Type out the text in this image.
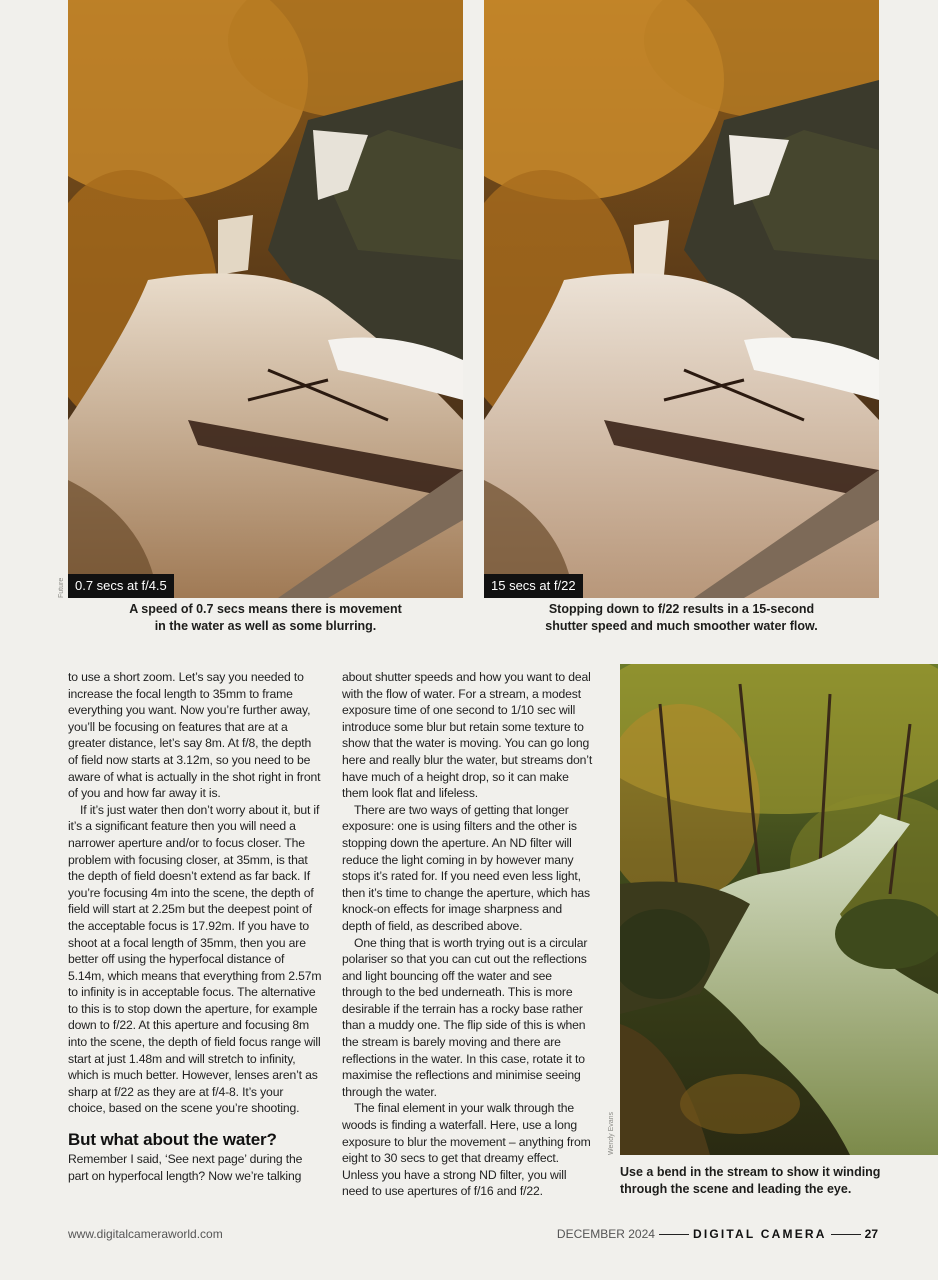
0.7 secs at f/4.5
Future	15 secs at f/22
A speed of 0.7 secs means there is movement
in the water as well as some blurring.
Stopping down to f/22 results in a 15-second
shutter speed and much smoother water flow.

to use a short zoom. Let’s say you needed to increase the focal length to 35mm to frame everything you want. Now you’re further away, you’ll be focusing on features that are at a greater distance, let’s say 8m. At f/8, the depth of field now starts at 3.12m, so you need to be aware of what is actually in the shot right in front of you and how far away it is.

If it’s just water then don’t worry about it, but if it’s a significant feature then you will need a narrower aperture and/or to focus closer. The problem with focusing closer, at 35mm, is that the depth of field doesn’t extend as far back. If you’re focusing 4m into the scene, the depth of field will start at 2.25m but the deepest point of the acceptable focus is 17.92m. If you have to shoot at a focal length of 35mm, then you are better off using the hyperfocal distance of 5.14m, which means that everything from 2.57m to infinity is in acceptable focus. The alternative to this is to stop down the aperture, for example down to f/22. At this aperture and focusing 8m into the scene, the depth of field focus range will start at just 1.48m and will stretch to infinity, which is much better. However, lenses aren’t as sharp at f/22 as they are at f/4-8. It’s your choice, based on the scene you’re shooting.

But what about the water?

Remember I said, ‘See next page’ during the part on hyperfocal length? Now we’re talking

about shutter speeds and how you want to deal with the flow of water. For a stream, a modest exposure time of one second to 1/10 sec will introduce some blur but retain some texture to show that the water is moving. You can go long here and really blur the water, but streams don’t have much of a height drop, so it can make them look flat and lifeless.

There are two ways of getting that longer exposure: one is using filters and the other is stopping down the aperture. An ND filter will reduce the light coming in by however many stops it’s rated for. If you need even less light, then it’s time to change the aperture, which has knock-on effects for image sharpness and depth of field, as described above.

One thing that is worth trying out is a circular polariser so that you can cut out the reflections and light bouncing off the water and see through to the bed underneath. This is more desirable if the terrain has a rocky base rather than a muddy one. The flip side of this is when the stream is barely moving and there are reflections in the water. In this case, rotate it to maximise the reflections and minimise seeing through the water.

The final element in your walk through the woods is finding a waterfall. Here, use a long exposure to blur the movement – anything from eight to 30 secs to get that dreamy effect. Unless you have a strong ND filter, you will need to use apertures of f/16 and f/22.

Wendy Evans
Use a bend in the stream to show it winding
through the scene and leading the eye.
www.digitalcameraworld.com	DECEMBER 2024	DIGITAL CAMERA	27
